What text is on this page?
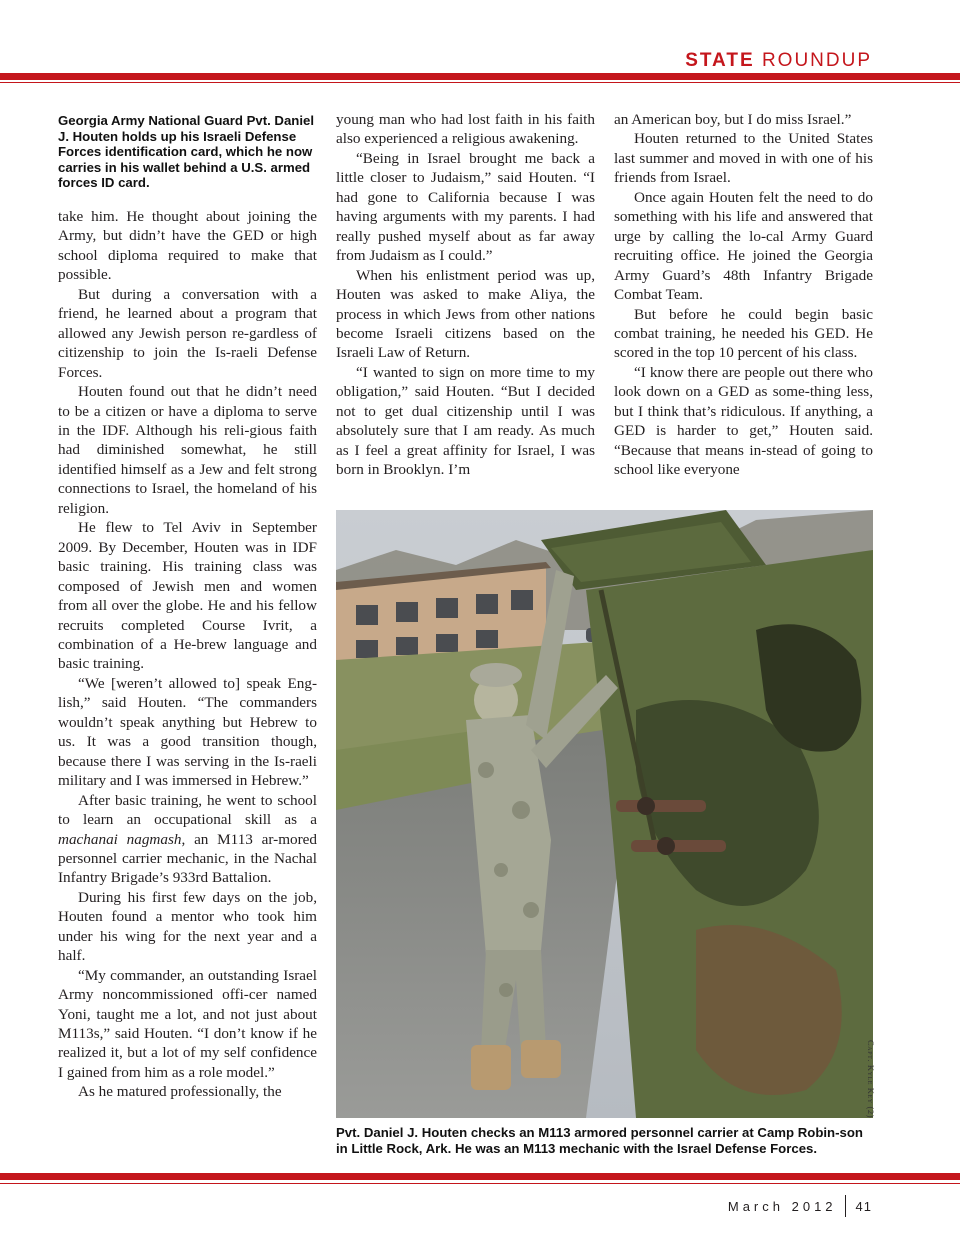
STATE ROUNDUP
Georgia Army National Guard Pvt. Daniel J. Houten holds up his Israeli Defense Forces identification card, which he now carries in his wallet behind a U.S. armed forces ID card.

take him. He thought about joining the Army, but didn’t have the GED or high school diploma required to make that possible.

But during a conversation with a friend, he learned about a program that allowed any Jewish person re-gardless of citizenship to join the Is-raeli Defense Forces.

Houten found out that he didn’t need to be a citizen or have a diploma to serve in the IDF. Although his reli-gious faith had diminished somewhat, he still identified himself as a Jew and felt strong connections to Israel, the homeland of his religion.

He flew to Tel Aviv in September 2009. By December, Houten was in IDF basic training. His training class was composed of Jewish men and women from all over the globe. He and his fellow recruits completed Course Ivrit, a combination of a He-brew language and basic training.

“We [weren’t allowed to] speak Eng-lish,” said Houten. “The commanders wouldn’t speak anything but Hebrew to us. It was a good transition though, because there I was serving in the Is-raeli military and I was immersed in Hebrew.”

After basic training, he went to school to learn an occupational skill as a machanai nagmash, an M113 ar-mored personnel carrier mechanic, in the Nachal Infantry Brigade’s 933rd Battalion.

During his first few days on the job, Houten found a mentor who took him under his wing for the next year and a half.

“My commander, an outstanding Israel Army noncommissioned offi-cer named Yoni, taught me a lot, and not just about M113s,” said Houten. “I don’t know if he realized it, but a lot of my self confidence I gained from him as a role model.”

As he matured professionally, the

young man who had lost faith in his faith also experienced a religious awakening.

“Being in Israel brought me back a little closer to Judaism,” said Houten. “I had gone to California because I was having arguments with my parents. I had really pushed myself about as far away from Judaism as I could.”

When his enlistment period was up, Houten was asked to make Aliya, the process in which Jews from other nations become Israeli citizens based on the Israeli Law of Return.

“I wanted to sign on more time to my obligation,” said Houten. “But I decided not to get dual citizenship until I was absolutely sure that I am ready. As much as I feel a great affinity for Israel, I was born in Brooklyn. I’m

an American boy, but I do miss Israel.”

Houten returned to the United States last summer and moved in with one of his friends from Israel.

Once again Houten felt the need to do something with his life and answered that urge by calling the lo-cal Army Guard recruiting office. He joined the Georgia Army Guard’s 48th Infantry Brigade Combat Team.

But before he could begin basic combat training, he needed his GED. He scored in the top 10 percent of his class.

“I know there are people out there who look down on a GED as some-thing less, but I think that’s ridiculous. If anything, a GED is harder to get,” Houten said. “Because that means in-stead of going to school like everyone

Capt. Kyle Key (2)
Pvt. Daniel J. Houten checks an M113 armored personnel carrier at Camp Robin-son in Little Rock, Ark. He was an M113 mechanic with the Israel Defense Forces.
March 2012 41
